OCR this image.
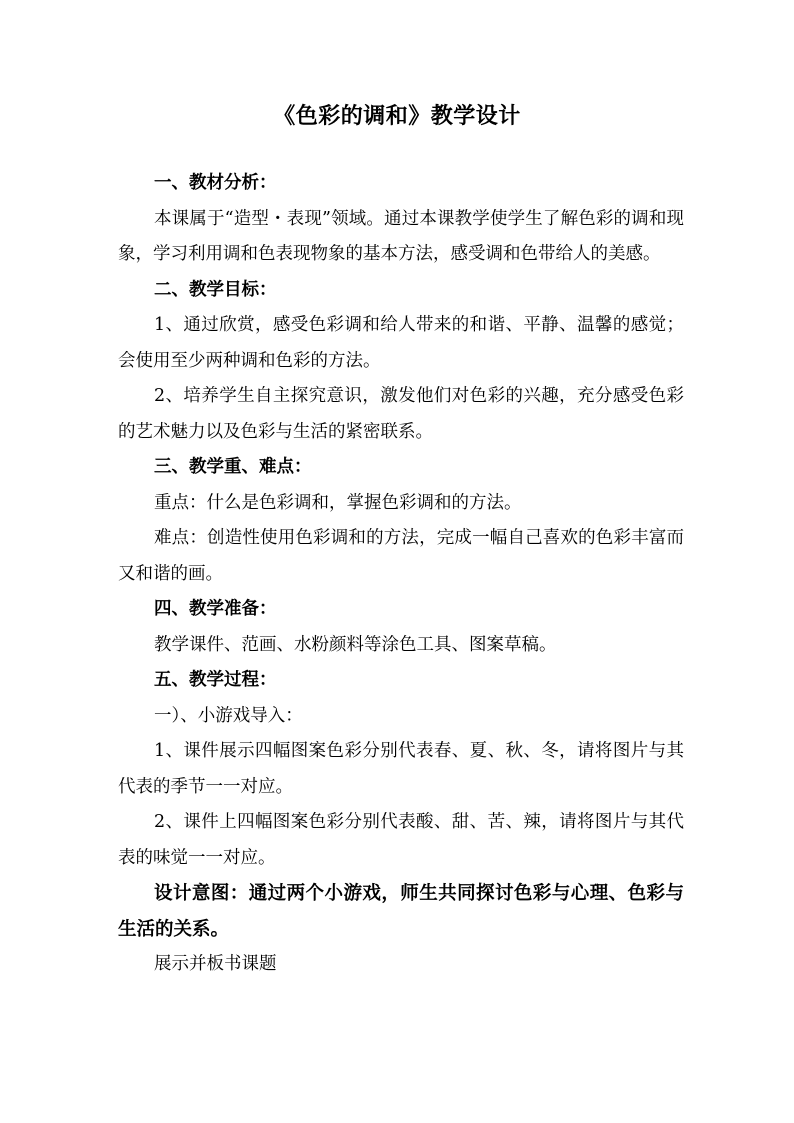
《色彩的调和》教学设计

一、教材分析：

本课属于“造型・表现”领域。通过本课教学使学生了解色彩的调和现象，学习利用调和色表现物象的基本方法，感受调和色带给人的美感。

二、教学目标：

1、通过欣赏，感受色彩调和给人带来的和谐、平静、温馨的感觉；会使用至少两种调和色彩的方法。

2、培养学生自主探究意识，激发他们对色彩的兴趣，充分感受色彩的艺术魅力以及色彩与生活的紧密联系。

三、教学重、难点：

重点：什么是色彩调和，掌握色彩调和的方法。

难点：创造性使用色彩调和的方法，完成一幅自己喜欢的色彩丰富而又和谐的画。

四、教学准备：

教学课件、范画、水粉颜料等涂色工具、图案草稿。

五、教学过程：

一）、小游戏导入：

1、课件展示四幅图案色彩分别代表春、夏、秋、冬，请将图片与其代表的季节一一对应。

2、课件上四幅图案色彩分别代表酸、甜、苦、辣，请将图片与其代表的味觉一一对应。

设计意图：通过两个小游戏，师生共同探讨色彩与心理、色彩与生活的关系。

展示并板书课题
